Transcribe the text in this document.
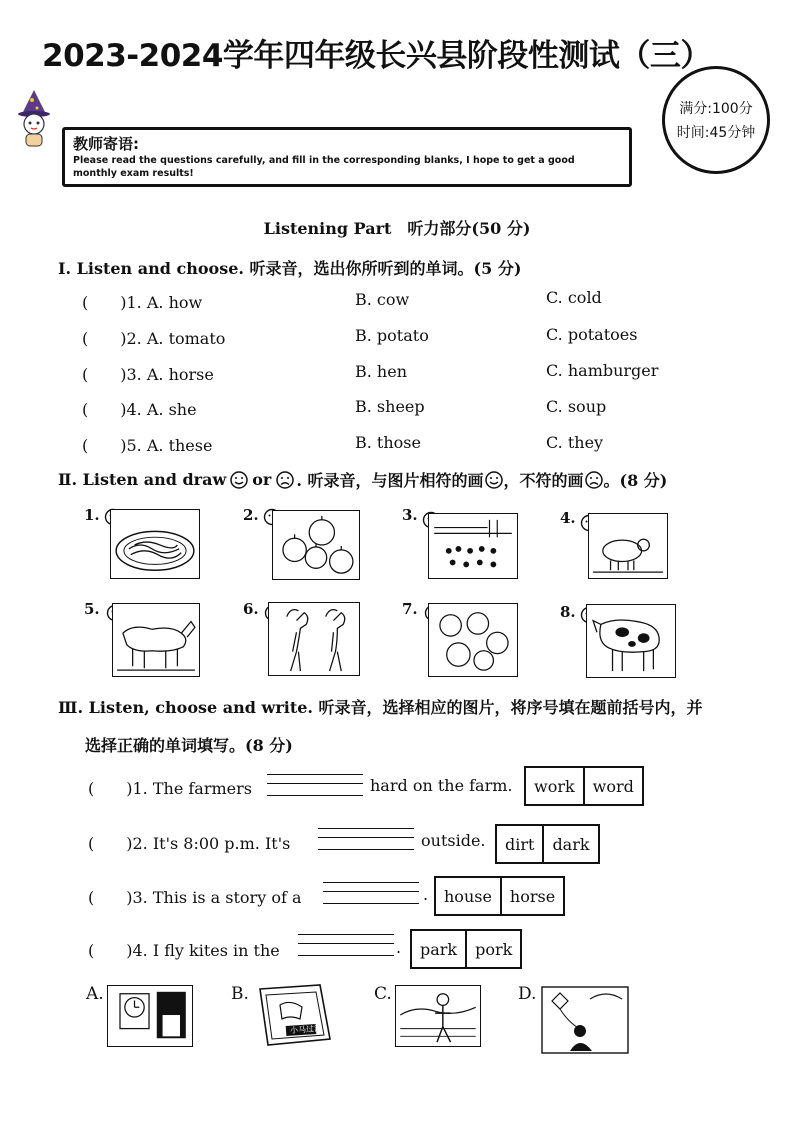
2023-2024学年四年级长兴县阶段性测试（三）
满分:100分
时间:45分钟
教师寄语:
Please read the questions carefully, and fill in the corresponding blanks, I hope to get a good monthly exam results!
Listening Part　听力部分(50 分)
Ⅰ. Listen and choose. 听录音，选出你所听到的单词。(5 分)
(　　)1. A. how	B. cow	C. cold
(　　)2. A. tomato	B. potato	C. potatoes
(　　)3. A. horse	B. hen	C. hamburger
(　　)4. A. she	B. sheep	C. soup
(　　)5. A. these	B. those	C. they
Ⅱ. Listen and draw or . 听录音，与图片相符的画 ，不符的画 。(8 分)
1.	2.	3.	4.
5.	6.	7.	8.
Ⅲ. Listen, choose and write. 听录音，选择相应的图片，将序号填在题前括号内，并
选择正确的单词填写。(8 分)
(　　)1. The farmers	hard on the farm.	work	word
(　　)2. It's 8:00 p.m. It's	outside.	dirt	dark
(　　)3. This is a story of a	. house	horse
(　　)4. I fly kites in the	.	park	pork
A.	B.
小马过河
C.	D.
